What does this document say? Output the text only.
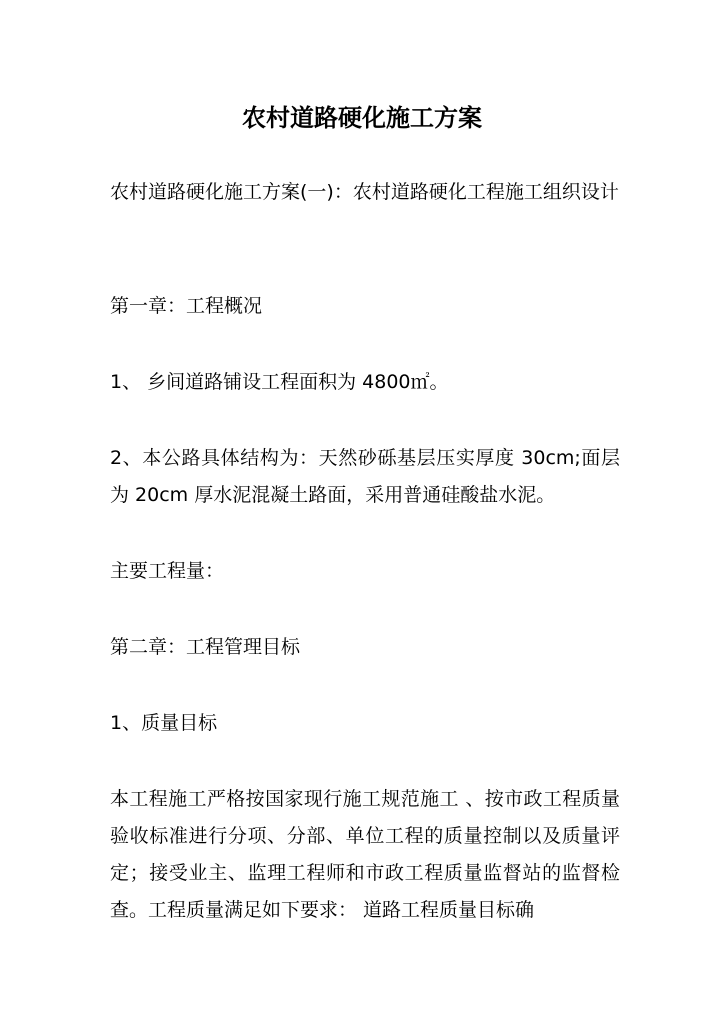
农村道路硬化施工方案

农村道路硬化施工方案(一)：农村道路硬化工程施工组织设计

第一章：工程概况

1、 乡间道路铺设工程面积为 4800㎡。

2、本公路具体结构为：天然砂砾基层压实厚度 30cm;面层为 20cm 厚水泥混凝土路面，采用普通硅酸盐水泥。

主要工程量：

第二章：工程管理目标

1、质量目标

本工程施工严格按国家现行施工规范施工 、按市政工程质量验收标准进行分项、分部、单位工程的质量控制以及质量评定；接受业主、监理工程师和市政工程质量监督站的监督检查。工程质量满足如下要求： 道路工程质量目标确
